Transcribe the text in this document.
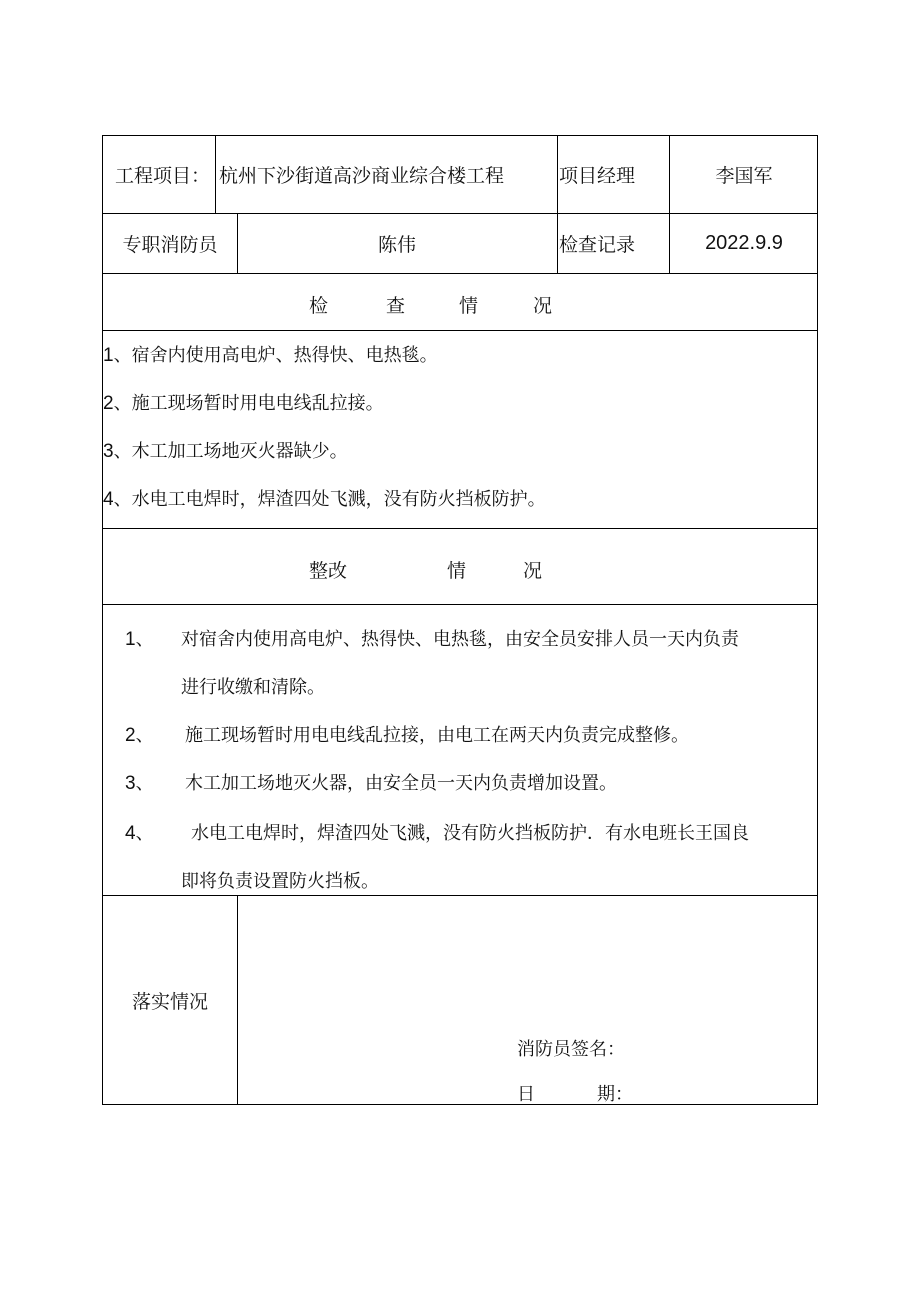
工程项目： 杭州下沙街道高沙商业综合楼工程	项目经理	李国军
专职消防员	陈伟	检查记录	2022.9.9
检	查	情	况
1、宿舍内使用高电炉、热得快、电热毯。
2、施工现场暂时用电电线乱拉接。
3、木工加工场地灭火器缺少。
4、水电工电焊时，焊渣四处飞溅，没有防火挡板防护。
整改	情	况
1、 对宿舍内使用高电炉、热得快、电热毯，由安全员安排人员一天内负责
进行收缴和清除。
2、 施工现场暂时用电电线乱拉接，由电工在两天内负责完成整修。
3、 木工加工场地灭火器，由安全员一天内负责增加设置。
4、 水电工电焊时，焊渣四处飞溅，没有防火挡板防护．有水电班长王国良
即将负责设置防火挡板。
落实情况
消防员签名：
日	期：
